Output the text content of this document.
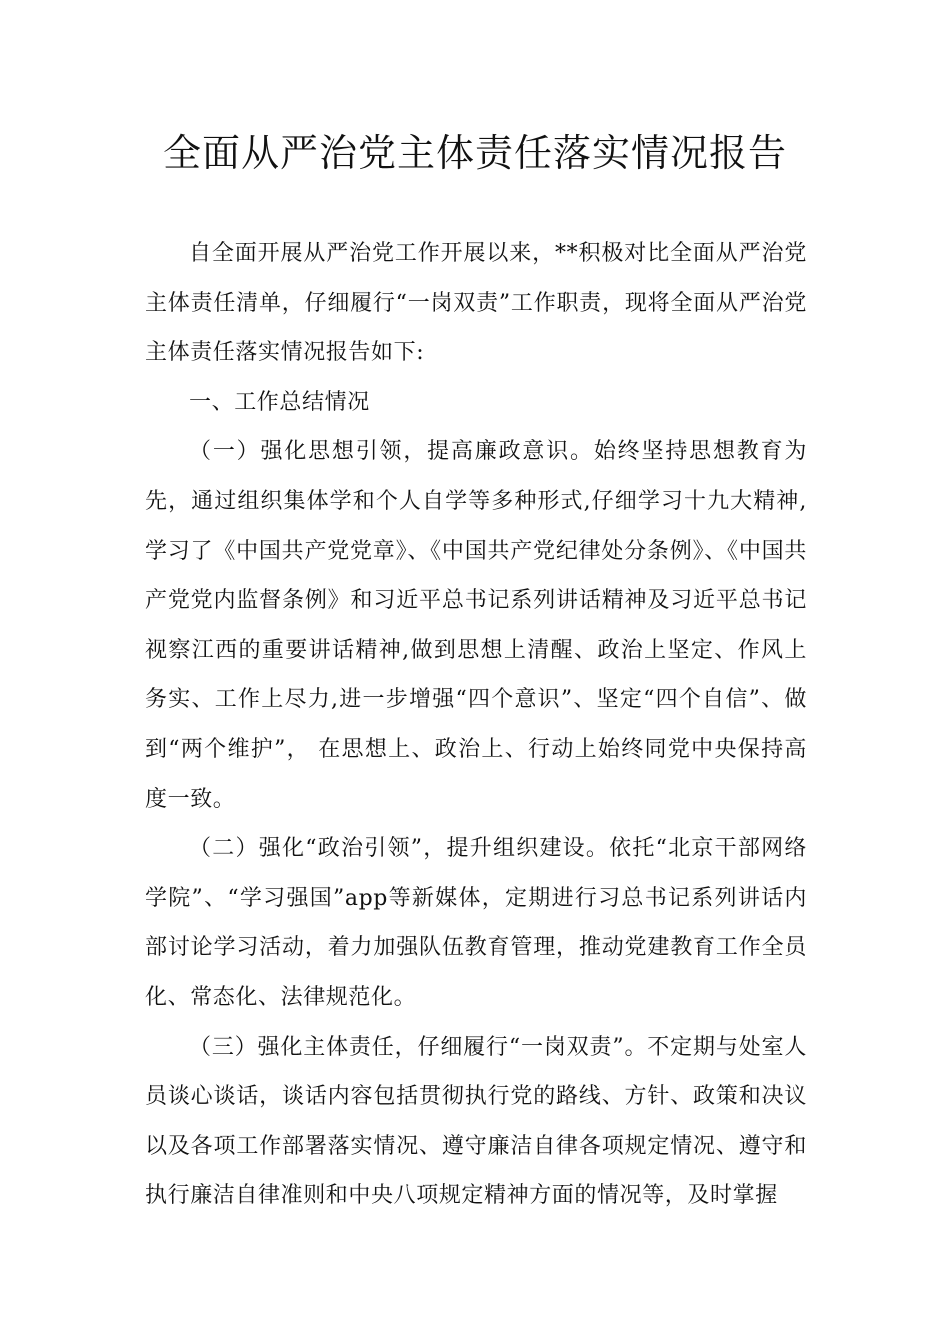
全面从严治党主体责任落实情况报告

自全面开展从严治党工作开展以来，**积极对比全面从严治党主体责任清单，仔细履行“一岗双责”工作职责，现将全面从严治党主体责任落实情况报告如下:

一、工作总结情况

（一）强化思想引领，提高廉政意识。始终坚持思想教育为先，通过组织集体学和个人自学等多种形式,仔细学习十九大精神,学习了《中国共产党党章》、《中国共产党纪律处分条例》、《中国共产党党内监督条例》和习近平总书记系列讲话精神及习近平总书记视察江西的重要讲话精神,做到思想上清醒、政治上坚定、作风上务实、工作上尽力,进一步增强“四个意识”、坚定“四个自信”、做到“两个维护”， 在思想上、政治上、行动上始终同党中央保持高度一致。

（二）强化“政治引领”，提升组织建设。依托“北京干部网络学院”、“学习强国”app等新媒体，定期进行习总书记系列讲话内部讨论学习活动，着力加强队伍教育管理，推动党建教育工作全员化、常态化、法律规范化。

（三）强化主体责任，仔细履行“一岗双责”。不定期与处室人员谈心谈话，谈话内容包括贯彻执行党的路线、方针、政策和决议以及各项工作部署落实情况、遵守廉洁自律各项规定情况、遵守和执行廉洁自律准则和中央八项规定精神方面的情况等，及时掌握
